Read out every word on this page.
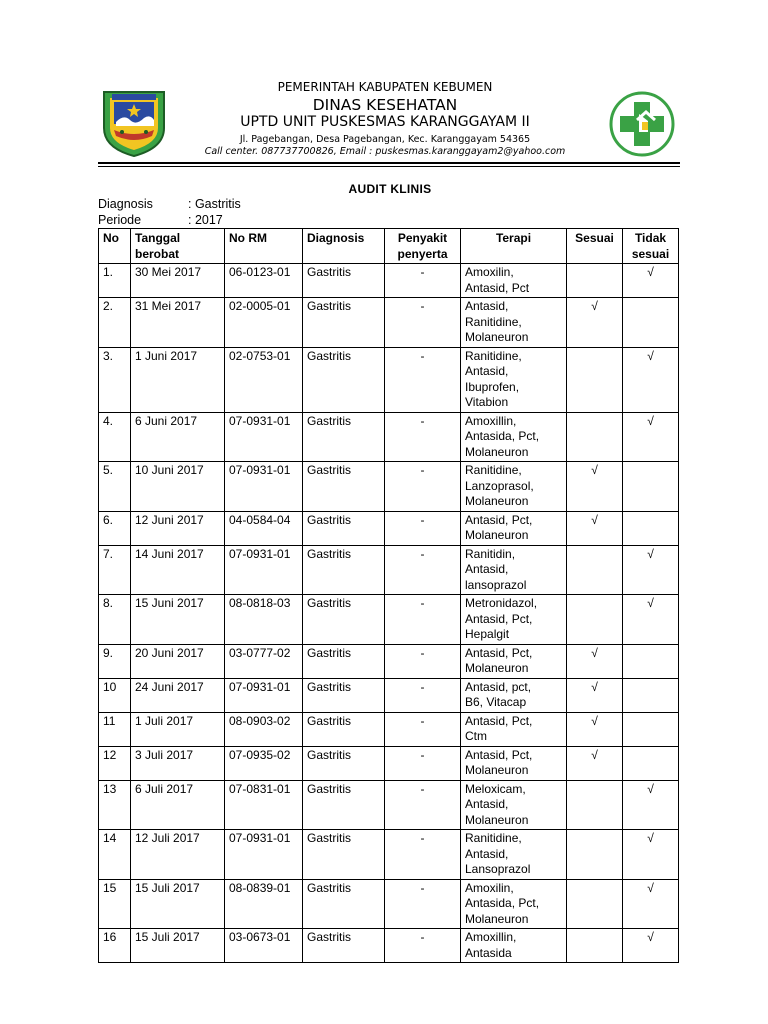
PEMERINTAH KABUPATEN KEBUMEN
DINAS KESEHATAN
UPTD UNIT PUSKESMAS KARANGGAYAM II
Jl. Pagebangan, Desa Pagebangan, Kec. Karanggayam 54365
Call center. 087737700826, Email : puskesmas.karanggayam2@yahoo.com
AUDIT KLINIS
Diagnosis	: Gastritis
Periode	: 2017
No	Tanggal
berobat	No RM	Diagnosis	Penyakit
penyerta	Terapi	Sesuai	Tidak
sesuai
1.	30 Mei 2017	06-0123-01	Gastritis	-	Amoxilin,
Antasid, Pct		√
2.	31 Mei 2017	02-0005-01	Gastritis	-	Antasid,
Ranitidine,
Molaneuron	√	
3.	1 Juni 2017	02-0753-01	Gastritis	-	Ranitidine,
Antasid,
Ibuprofen,
Vitabion		√
4.	6 Juni 2017	07-0931-01	Gastritis	-	Amoxillin,
Antasida, Pct,
Molaneuron		√
5.	10 Juni 2017	07-0931-01	Gastritis	-	Ranitidine,
Lanzoprasol,
Molaneuron	√	
6.	12 Juni 2017	04-0584-04	Gastritis	-	Antasid, Pct,
Molaneuron	√	
7.	14 Juni 2017	07-0931-01	Gastritis	-	Ranitidin,
Antasid,
lansoprazol		√
8.	15 Juni 2017	08-0818-03	Gastritis	-	Metronidazol,
Antasid, Pct,
Hepalgit		√
9.	20 Juni 2017	03-0777-02	Gastritis	-	Antasid, Pct,
Molaneuron	√	
10	24 Juni 2017	07-0931-01	Gastritis	-	Antasid, pct,
B6, Vitacap	√	
11	1 Juli 2017	08-0903-02	Gastritis	-	Antasid, Pct,
Ctm	√	
12	3 Juli 2017	07-0935-02	Gastritis	-	Antasid, Pct,
Molaneuron	√	
13	6 Juli 2017	07-0831-01	Gastritis	-	Meloxicam,
Antasid,
Molaneuron		√
14	12 Juli 2017	07-0931-01	Gastritis	-	Ranitidine,
Antasid,
Lansoprazol		√
15	15 Juli 2017	08-0839-01	Gastritis	-	Amoxilin,
Antasida, Pct,
Molaneuron		√
16	15 Juli 2017	03-0673-01	Gastritis	-	Amoxillin,
Antasida		√
